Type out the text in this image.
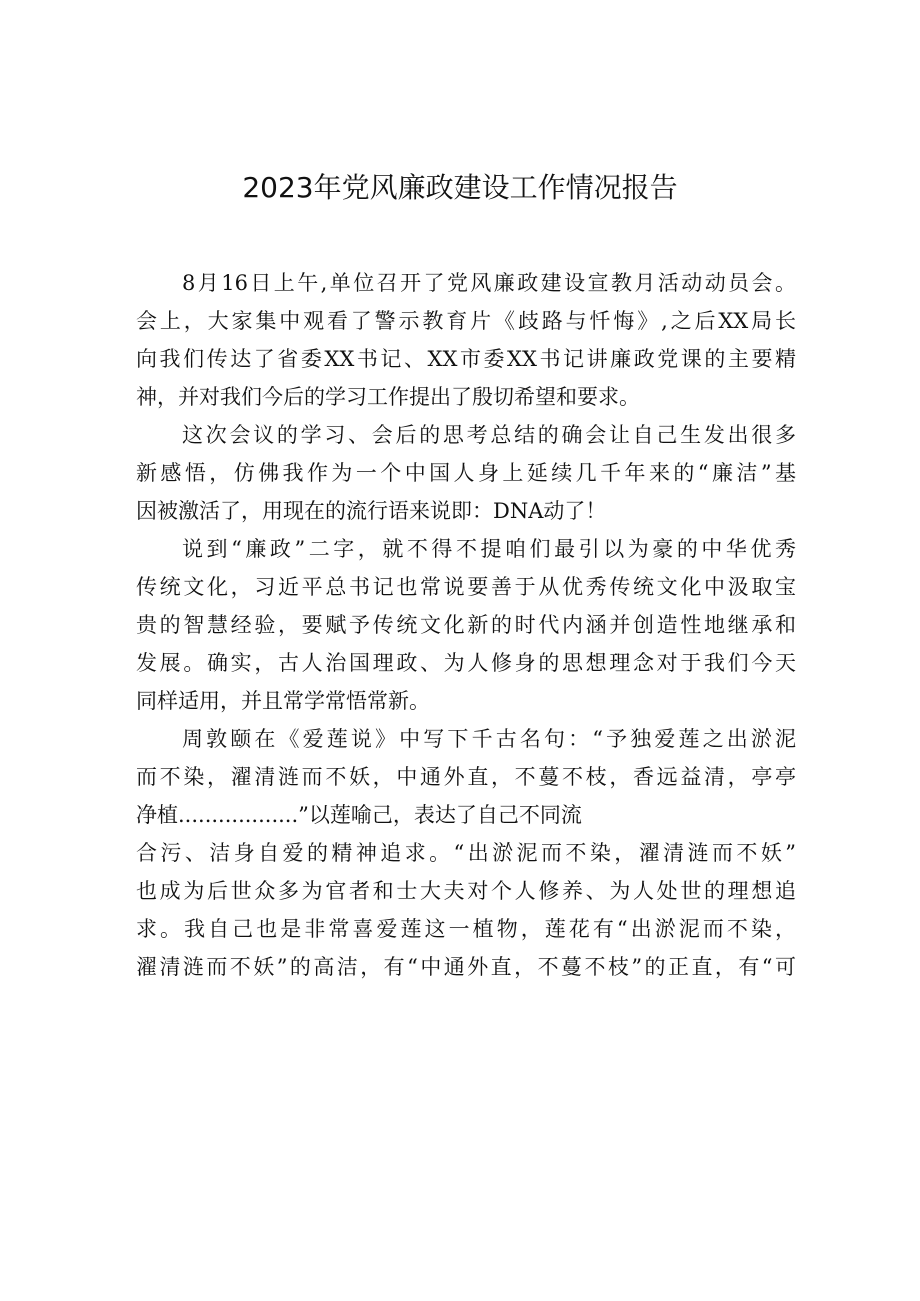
2023年党风廉政建设工作情况报告
8月16日上午,单位召开了党风廉政建设宣教月活动动员会。
会上，大家集中观看了警示教育片《歧路与忏悔》,之后XX局长
向我们传达了省委XX书记、XX市委XX书记讲廉政党课的主要精
神，并对我们今后的学习工作提出了殷切希望和要求。
这次会议的学习、会后的思考总结的确会让自己生发出很多
新感悟，仿佛我作为一个中国人身上延续几千年来的“廉洁”基
因被激活了，用现在的流行语来说即：DNA动了！
说到“廉政”二字，就不得不提咱们最引以为豪的中华优秀
传统文化，习近平总书记也常说要善于从优秀传统文化中汲取宝
贵的智慧经验，要赋予传统文化新的时代内涵并创造性地继承和
发展。确实，古人治国理政、为人修身的思想理念对于我们今天
同样适用，并且常学常悟常新。
周敦颐在《爱莲说》中写下千古名句：“予独爱莲之出淤泥
而不染，濯清涟而不妖，中通外直，不蔓不枝，香远益清，亭亭
净植..................”以莲喻己，表达了自己不同流
合污、洁身自爱的精神追求。“出淤泥而不染，濯清涟而不妖”
也成为后世众多为官者和士大夫对个人修养、为人处世的理想追
求。我自己也是非常喜爱莲这一植物，莲花有“出淤泥而不染，
濯清涟而不妖”的高洁，有“中通外直，不蔓不枝”的正直，有“可
